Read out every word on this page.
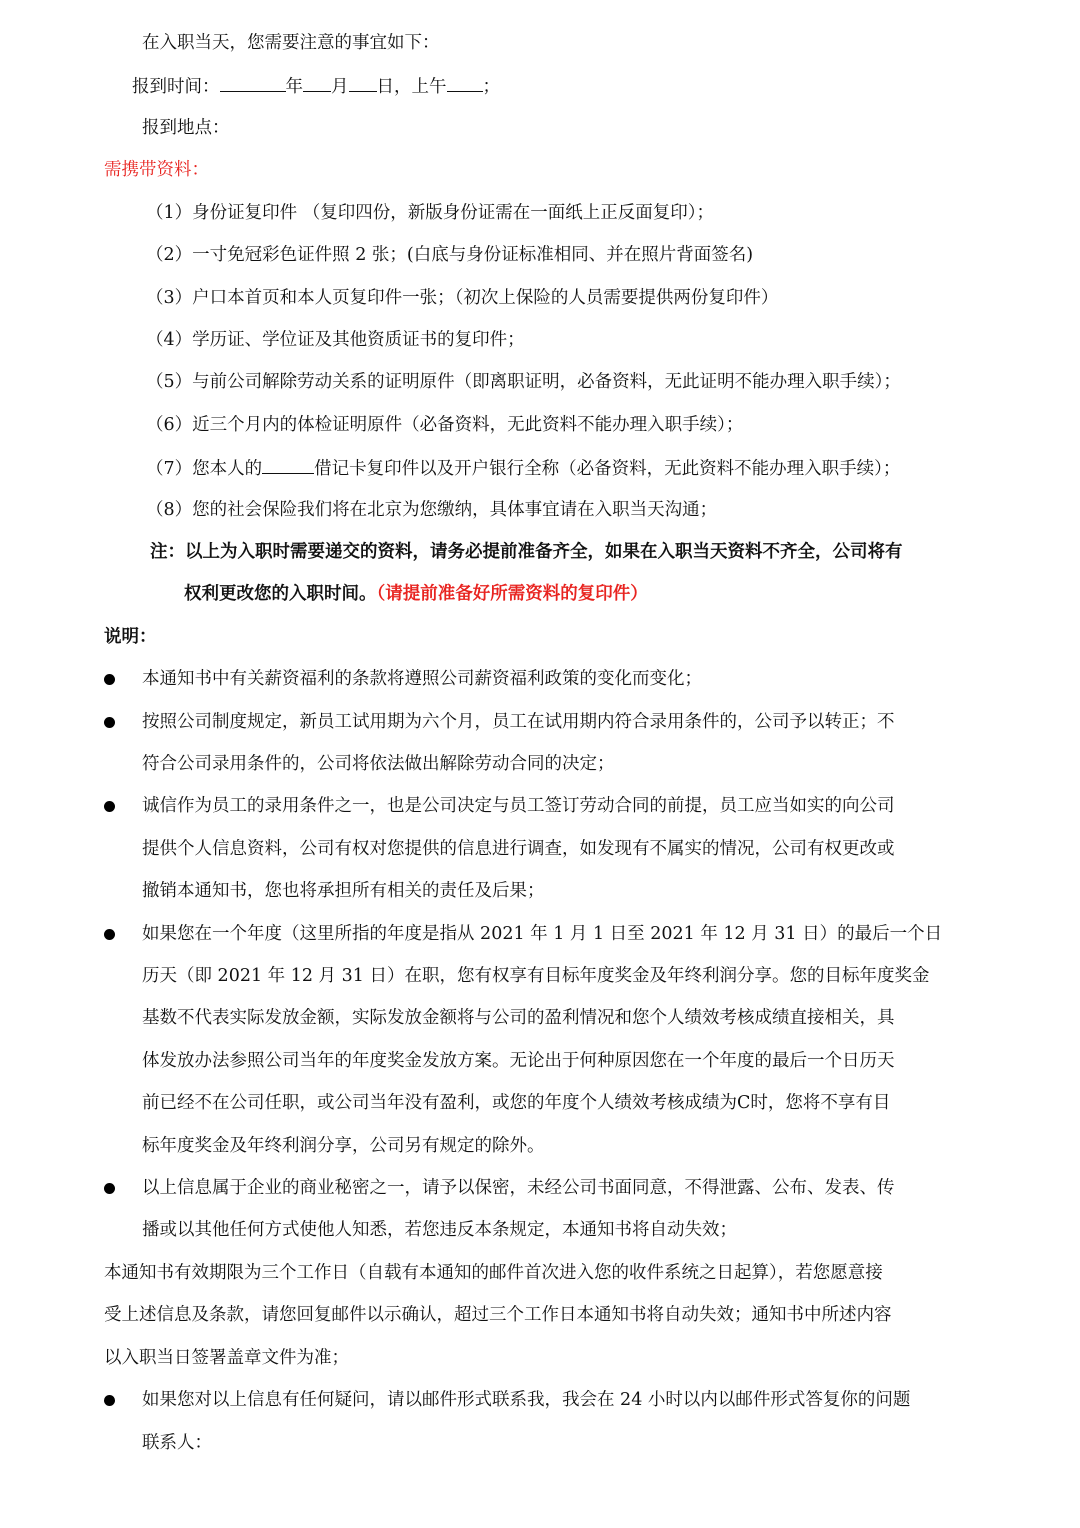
在入职当天，您需要注意的事宜如下：
报到时间：	年 月 日，上午 ；
报到地点：
需携带资料：
（1）身份证复印件 （复印四份，新版身份证需在一面纸上正反面复印）；
（2）一寸免冠彩色证件照 2 张；(白底与身份证标准相同、并在照片背面签名)
（3）户口本首页和本人页复印件一张；（初次上保险的人员需要提供两份复印件）
（4）学历证、学位证及其他资质证书的复印件；
（5）与前公司解除劳动关系的证明原件（即离职证明，必备资料，无此证明不能办理入职手续）；
（6）近三个月内的体检证明原件（必备资料，无此资料不能办理入职手续）；
（7）您本人的	借记卡复印件以及开户银行全称（必备资料，无此资料不能办理入职手续）；
（8）您的社会保险我们将在北京为您缴纳，具体事宜请在入职当天沟通；
注：以上为入职时需要递交的资料，请务必提前准备齐全，如果在入职当天资料不齐全，公司将有
权利更改您的入职时间。（请提前准备好所需资料的复印件）
说明：
本通知书中有关薪资福利的条款将遵照公司薪资福利政策的变化而变化；
按照公司制度规定，新员工试用期为六个月，员工在试用期内符合录用条件的，公司予以转正；不
符合公司录用条件的，公司将依法做出解除劳动合同的决定；
诚信作为员工的录用条件之一，也是公司决定与员工签订劳动合同的前提，员工应当如实的向公司
提供个人信息资料，公司有权对您提供的信息进行调查，如发现有不属实的情况，公司有权更改或
撤销本通知书，您也将承担所有相关的责任及后果；
如果您在一个年度（这里所指的年度是指从 2021 年 1 月 1 日至 2021 年 12 月 31 日）的最后一个日
历天（即 2021 年 12 月 31 日）在职，您有权享有目标年度奖金及年终利润分享。您的目标年度奖金
基数不代表实际发放金额，实际发放金额将与公司的盈利情况和您个人绩效考核成绩直接相关，具
体发放办法参照公司当年的年度奖金发放方案。无论出于何种原因您在一个年度的最后一个日历天
前已经不在公司任职，或公司当年没有盈利，或您的年度个人绩效考核成绩为C时，您将不享有目
标年度奖金及年终利润分享，公司另有规定的除外。
以上信息属于企业的商业秘密之一，请予以保密，未经公司书面同意，不得泄露、公布、发表、传
播或以其他任何方式使他人知悉，若您违反本条规定，本通知书将自动失效；
本通知书有效期限为三个工作日（自载有本通知的邮件首次进入您的收件系统之日起算），若您愿意接
受上述信息及条款，请您回复邮件以示确认，超过三个工作日本通知书将自动失效；通知书中所述内容
以入职当日签署盖章文件为准；
如果您对以上信息有任何疑问，请以邮件形式联系我，我会在 24 小时以内以邮件形式答复你的问题
联系人：
